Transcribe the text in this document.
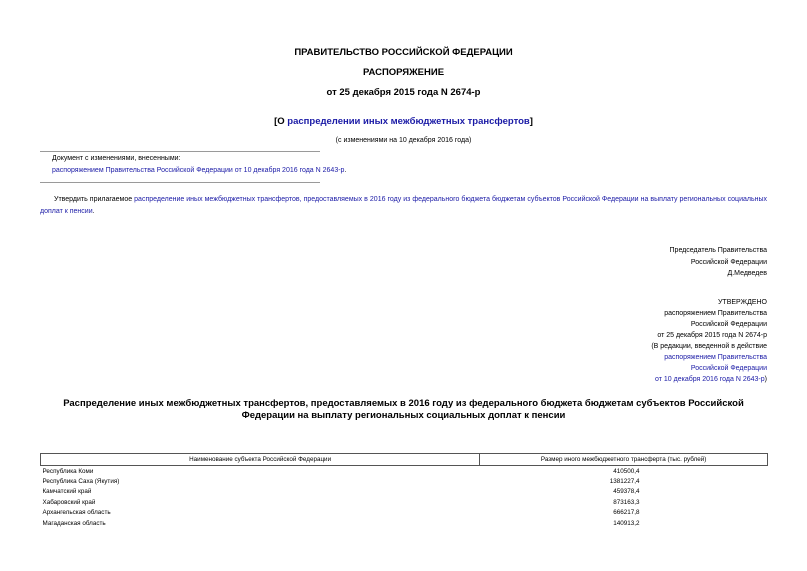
ПРАВИТЕЛЬСТВО РОССИЙСКОЙ ФЕДЕРАЦИИ
РАСПОРЯЖЕНИЕ
от 25 декабря 2015 года N 2674-р
[О распределении иных межбюджетных трансфертов]
(с изменениями на 10 декабря 2016 года)
Документ с изменениями, внесенными:
распоряжением Правительства Российской Федерации от 10 декабря 2016 года N 2643-р.
Утвердить прилагаемое распределение иных межбюджетных трансфертов, предоставляемых в 2016 году из федерального бюджета бюджетам субъектов Российской Федерации на выплату региональных социальных доплат к пенсии.
Председатель Правительства
Российской Федерации
Д.Медведев
УТВЕРЖДЕНО
распоряжением Правительства
Российской Федерации
от 25 декабря 2015 года N 2674-р
(В редакции, введенной в действие
распоряжением Правительства
Российской Федерации
от 10 декабря 2016 года N 2643-р)
Распределение иных межбюджетных трансфертов, предоставляемых в 2016 году из федерального бюджета бюджетам субъектов Российской Федерации на выплату региональных социальных доплат к пенсии
Наименование субъекта Российской Федерации	Размер иного межбюджетного трансферта (тыс. рублей)
Республика Коми	410500,4
Республика Саха (Якутия)	1381227,4
Камчатский край	459378,4
Хабаровский край	873163,3
Архангельская область	666217,8
Магаданская область	140913,2
